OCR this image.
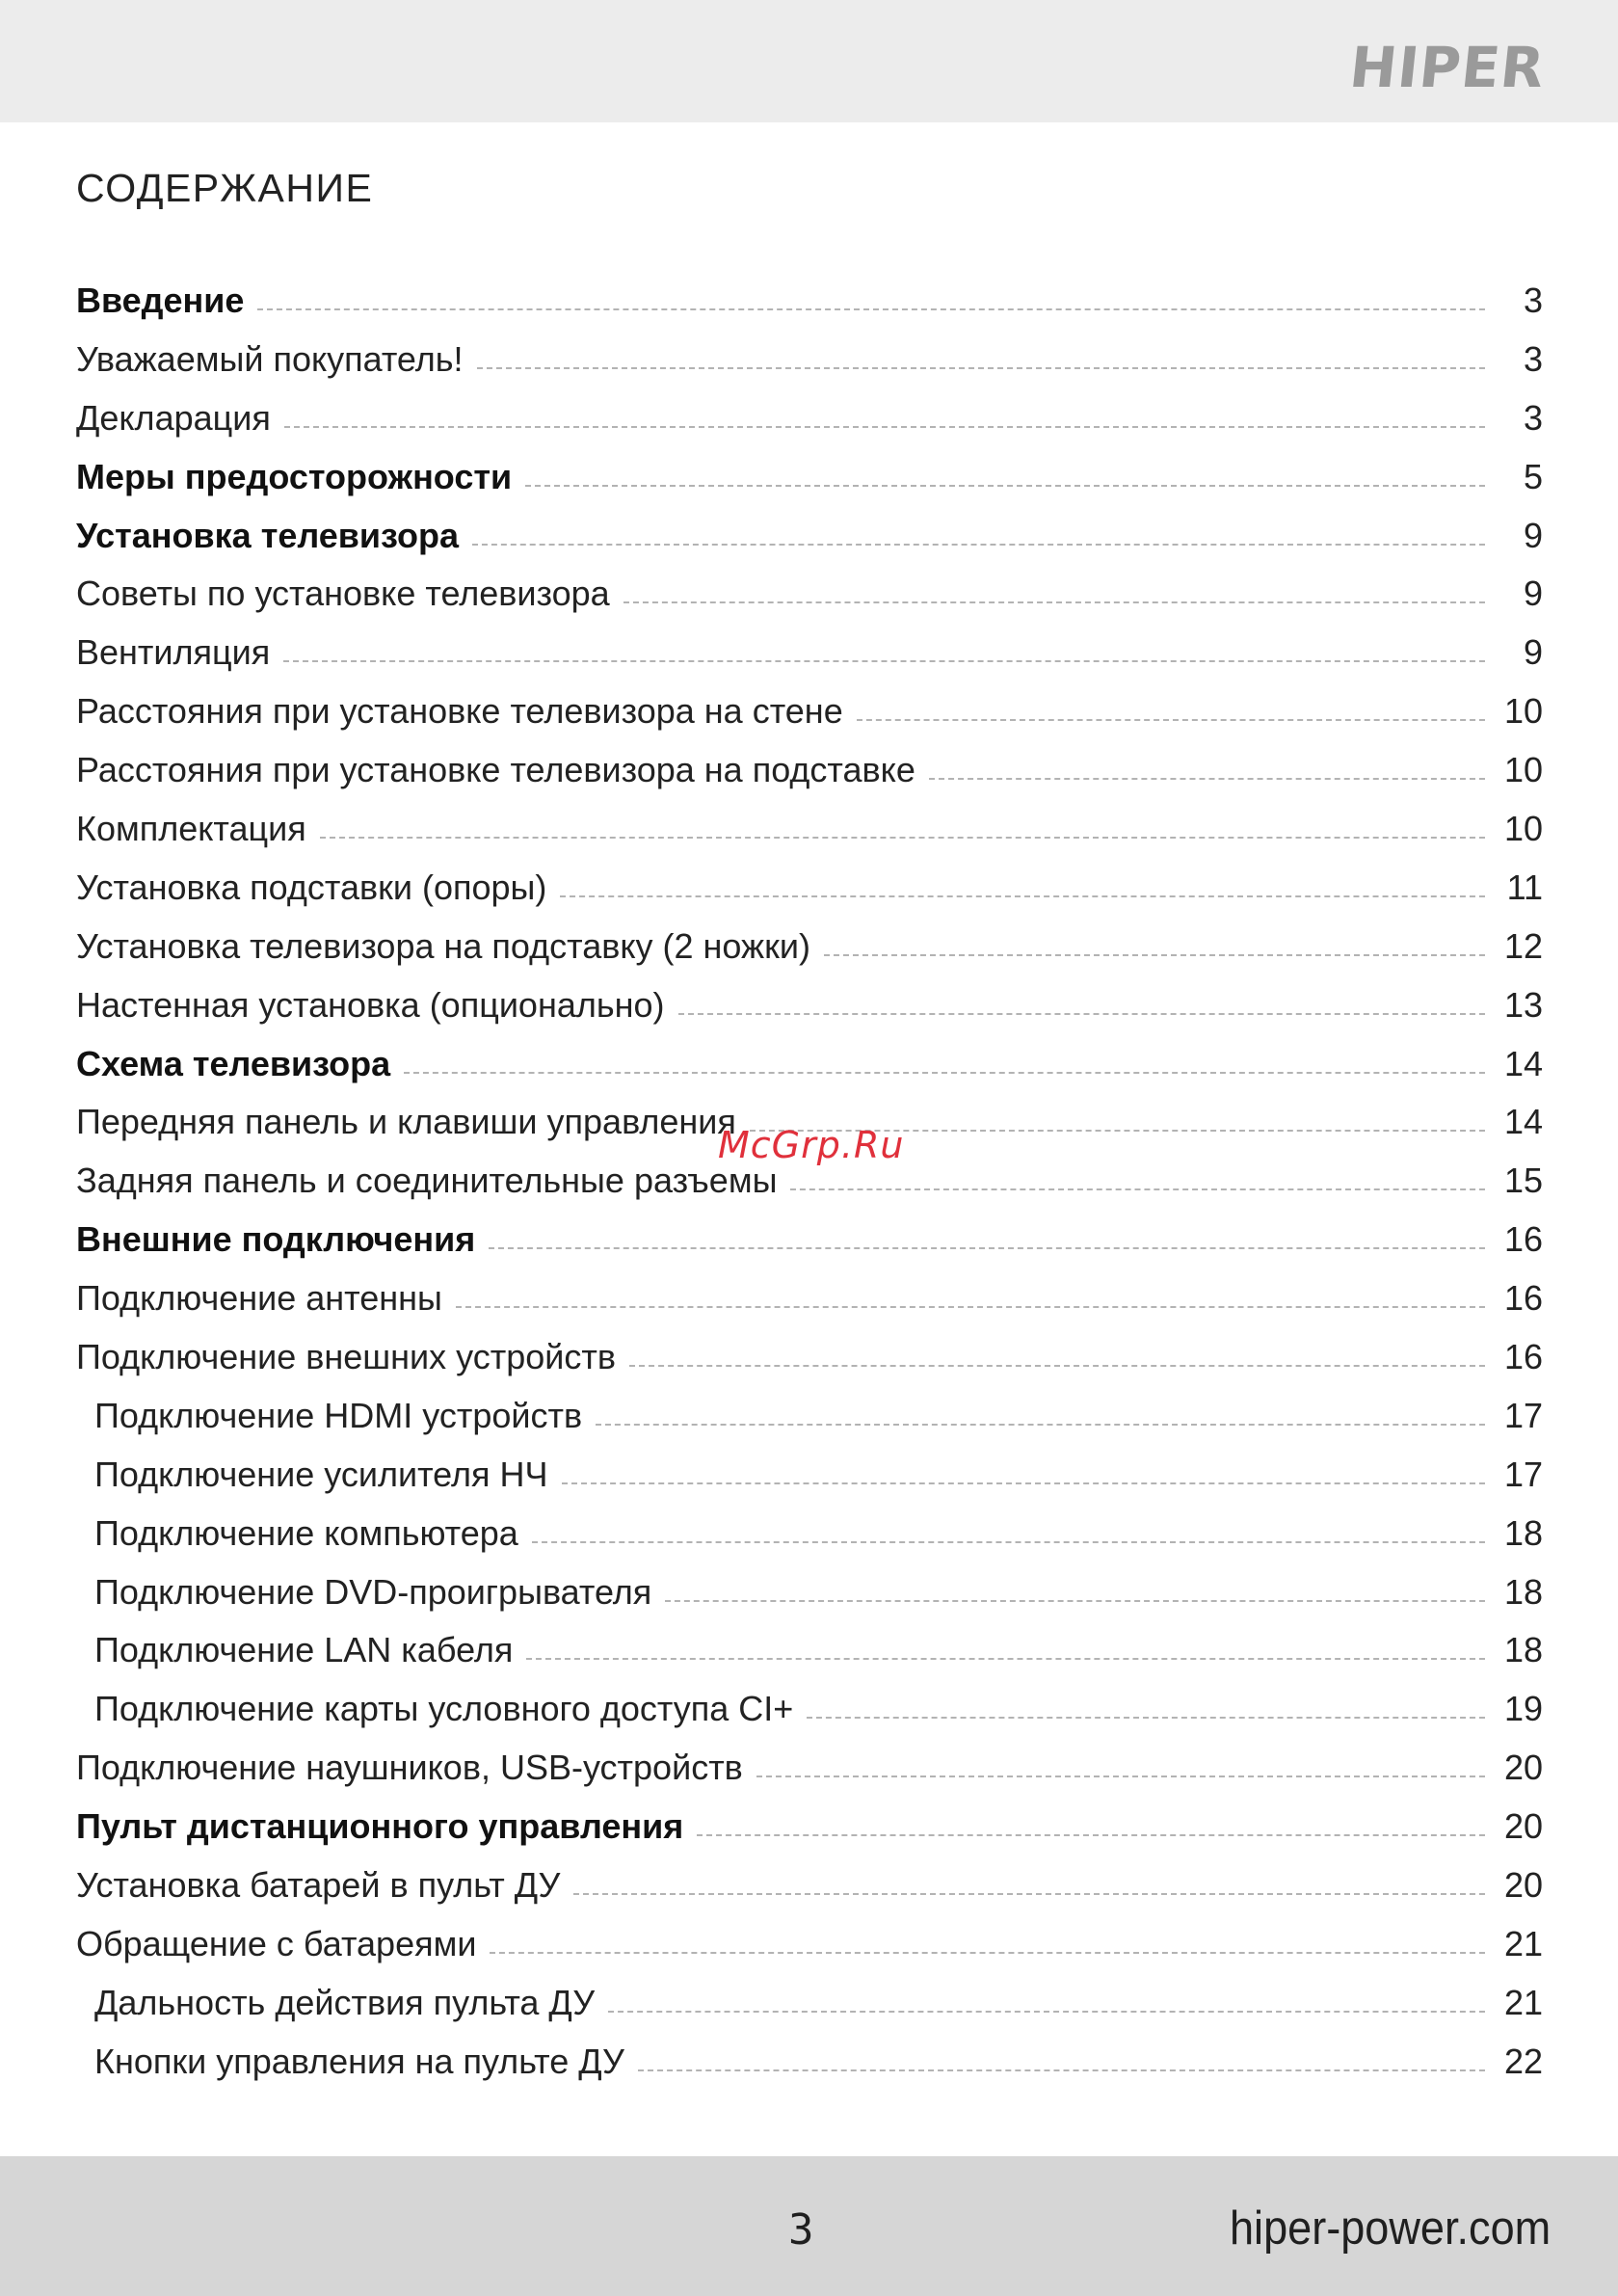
HIPER
СОДЕРЖАНИЕ
Введение	3
Уважаемый покупатель!	3
Декларация	3
Меры предосторожности	5
Установка телевизора	9
Советы по установке телевизора	9
Вентиляция	9
Расстояния при установке телевизора на стене	10
Расстояния при установке телевизора на подставке	10
Комплектация	10
Установка подставки (опоры)	11
Установка телевизора на подставку (2 ножки)	12
Настенная установка (опционально)	13
Схема телевизора	14
Передняя панель и клавиши управления	14
Задняя панель и соединительные разъемы	15
Внешние подключения	16
Подключение антенны	16
Подключение внешних устройств	16
Подключение HDMI устройств	17
Подключение усилителя НЧ	17
Подключение компьютера	18
Подключение DVD-проигрывателя	18
Подключение LAN кабеля	18
Подключение карты условного доступа CI+	19
Подключение наушников, USB-устройств	20
Пульт дистанционного управления	20
Установка батарей в пульт ДУ	20
Обращение с батареями	21
Дальность действия пульта ДУ	21
Кнопки управления на пульте ДУ	22
McGrp.Ru
3	hiper-power.com
